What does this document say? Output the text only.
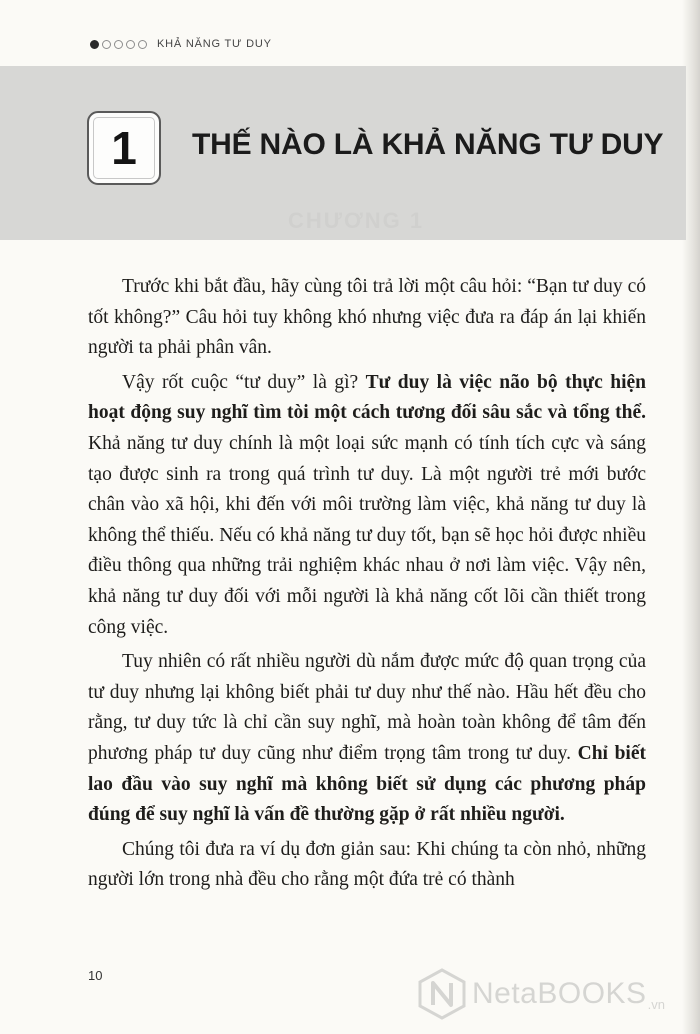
KHẢ NĂNG TƯ DUY
CHƯƠNG 1
1 THẾ NÀO LÀ KHẢ NĂNG TƯ DUY

Trước khi bắt đầu, hãy cùng tôi trả lời một câu hỏi: “Bạn tư duy có tốt không?” Câu hỏi tuy không khó nhưng việc đưa ra đáp án lại khiến người ta phải phân vân.

Vậy rốt cuộc “tư duy” là gì? Tư duy là việc não bộ thực hiện hoạt động suy nghĩ tìm tòi một cách tương đối sâu sắc và tổng thể. Khả năng tư duy chính là một loại sức mạnh có tính tích cực và sáng tạo được sinh ra trong quá trình tư duy. Là một người trẻ mới bước chân vào xã hội, khi đến với môi trường làm việc, khả năng tư duy là không thể thiếu. Nếu có khả năng tư duy tốt, bạn sẽ học hỏi được nhiều điều thông qua những trải nghiệm khác nhau ở nơi làm việc. Vậy nên, khả năng tư duy đối với mỗi người là khả năng cốt lõi cần thiết trong công việc.

Tuy nhiên có rất nhiều người dù nắm được mức độ quan trọng của tư duy nhưng lại không biết phải tư duy như thế nào. Hầu hết đều cho rằng, tư duy tức là chỉ cần suy nghĩ, mà hoàn toàn không để tâm đến phương pháp tư duy cũng như điểm trọng tâm trong tư duy. Chỉ biết lao đầu vào suy nghĩ mà không biết sử dụng các phương pháp đúng để suy nghĩ là vấn đề thường gặp ở rất nhiều người.

Chúng tôi đưa ra ví dụ đơn giản sau: Khi chúng ta còn nhỏ, những người lớn trong nhà đều cho rằng một đứa trẻ có thành

10
NetaBOOKS .vn
